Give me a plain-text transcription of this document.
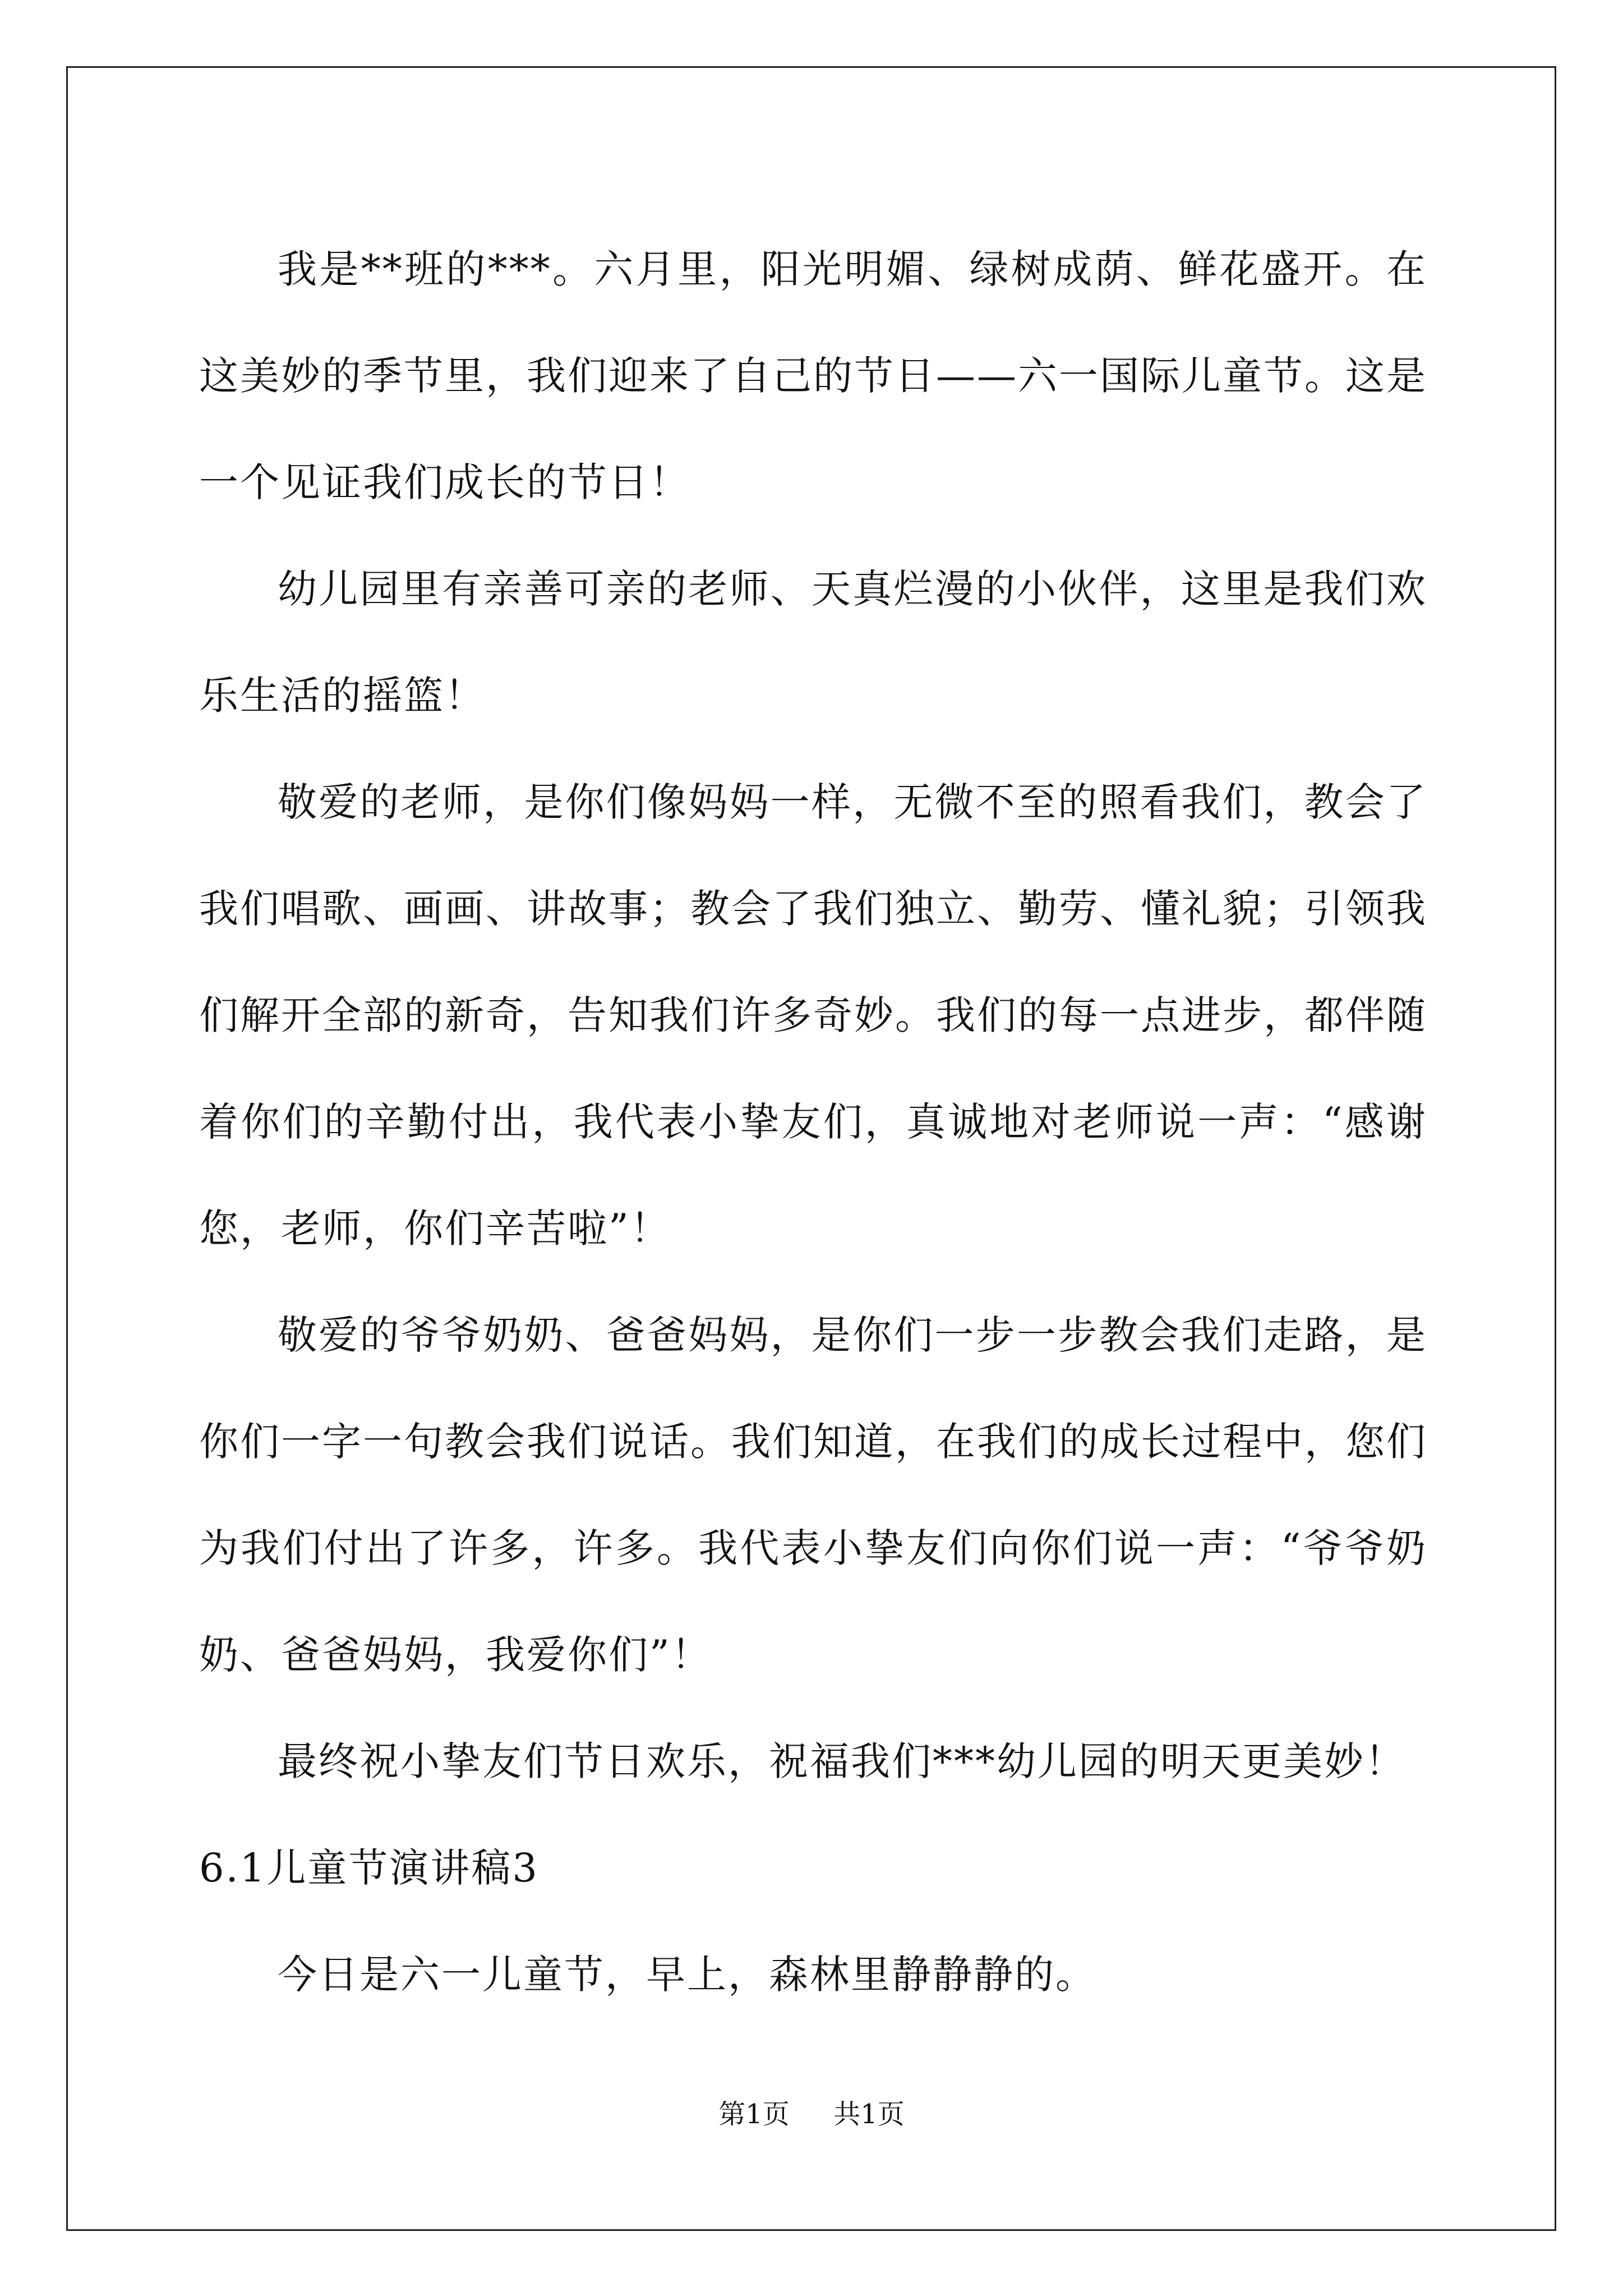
我是**班的***。六月里，阳光明媚、绿树成荫、鲜花盛开。在这美妙的季节里，我们迎来了自己的节日——六一国际儿童节。这是一个见证我们成长的节日！

幼儿园里有亲善可亲的老师、天真烂漫的小伙伴，这里是我们欢乐生活的摇篮！

敬爱的老师，是你们像妈妈一样，无微不至的照看我们，教会了我们唱歌、画画、讲故事；教会了我们独立、勤劳、懂礼貌；引领我们解开全部的新奇，告知我们许多奇妙。我们的每一点进步，都伴随着你们的辛勤付出，我代表小挚友们，真诚地对老师说一声：“感谢您，老师，你们辛苦啦”！

敬爱的爷爷奶奶、爸爸妈妈，是你们一步一步教会我们走路，是你们一字一句教会我们说话。我们知道，在我们的成长过程中，您们为我们付出了许多，许多。我代表小挚友们向你们说一声：“爷爷奶奶、爸爸妈妈，我爱你们”！

最终祝小挚友们节日欢乐，祝福我们***幼儿园的明天更美妙！

6.1儿童节演讲稿3

今日是六一儿童节，早上，森林里静静静的。

第1页 共1页
